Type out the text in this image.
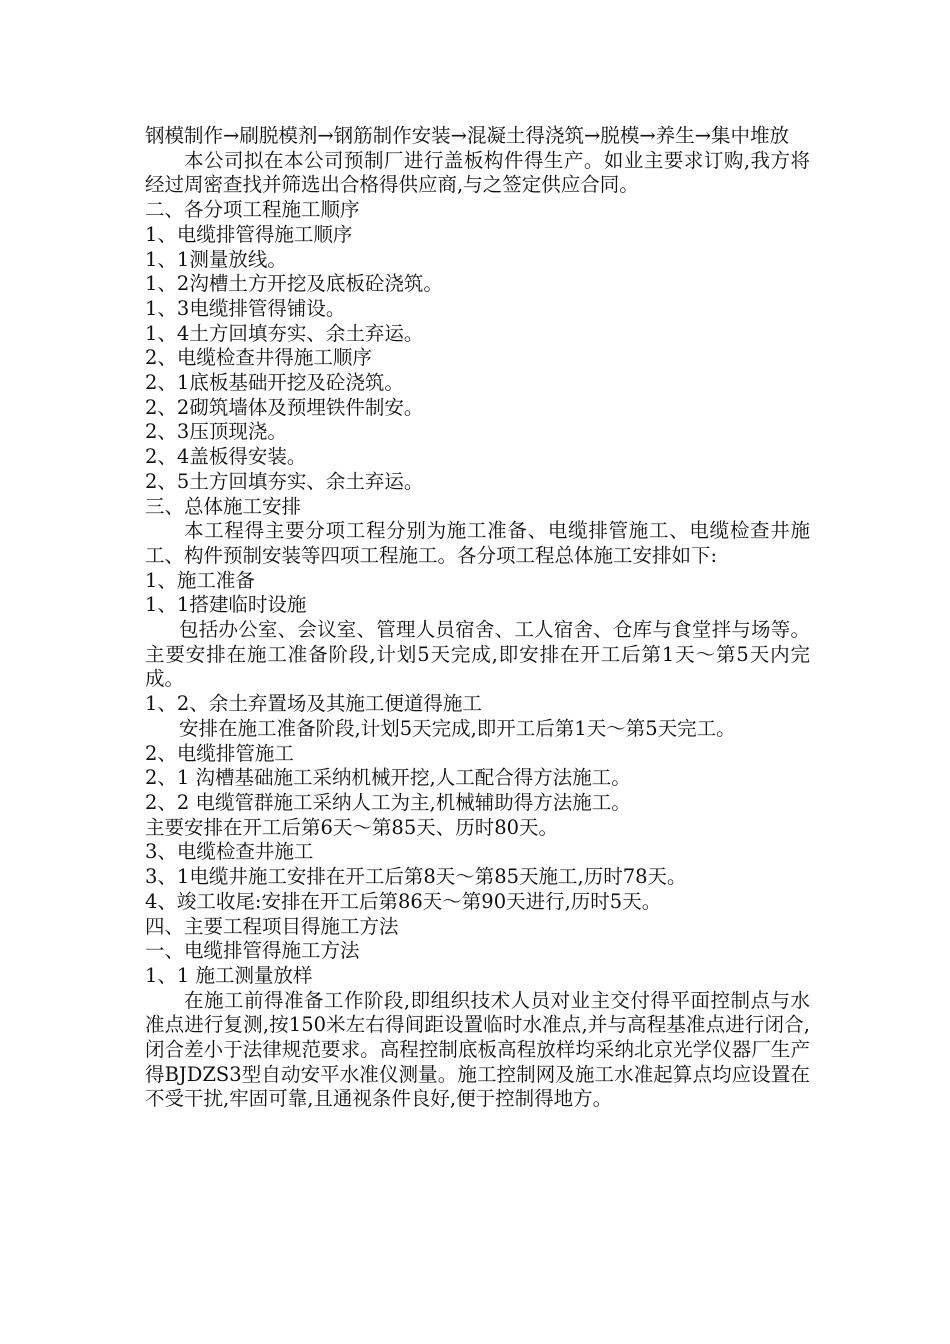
钢模制作→刷脱模剂→钢筋制作安装→混凝土得浇筑→脱模→养生→集中堆放

本公司拟在本公司预制厂进行盖板构件得生产。如业主要求订购,我方将经过周密查找并筛选出合格得供应商,与之签定供应合同。

二、各分项工程施工顺序

1、电缆排管得施工顺序

1、1测量放线。

1、2沟槽土方开挖及底板砼浇筑。

1、3电缆排管得铺设。

1、4土方回填夯实、余土弃运。

2、电缆检查井得施工顺序

2、1底板基础开挖及砼浇筑。

2、2砌筑墙体及预埋铁件制安。

2、3压顶现浇。

2、4盖板得安装。

2、5土方回填夯实、余土弃运。

三、总体施工安排

本工程得主要分项工程分别为施工准备、电缆排管施工、电缆检查井施工、构件预制安装等四项工程施工。各分项工程总体施工安排如下:

1、施工准备

1、1搭建临时设施

包括办公室、会议室、管理人员宿舍、工人宿舍、仓库与食堂拌与场等。主要安排在施工准备阶段,计划5天完成,即安排在开工后第1天～第5天内完成。

1、2、余土弃置场及其施工便道得施工

安排在施工准备阶段,计划5天完成,即开工后第1天～第5天完工。

2、电缆排管施工

2、1 沟槽基础施工采纳机械开挖,人工配合得方法施工。

2、2 电缆管群施工采纳人工为主,机械辅助得方法施工。

主要安排在开工后第6天～第85天、历时80天。

3、电缆检查井施工

3、1电缆井施工安排在开工后第8天～第85天施工,历时78天。

4、竣工收尾:安排在开工后第86天～第90天进行,历时5天。

四、主要工程项目得施工方法

一、电缆排管得施工方法

1、1 施工测量放样

在施工前得准备工作阶段,即组织技术人员对业主交付得平面控制点与水准点进行复测,按150米左右得间距设置临时水准点,并与高程基准点进行闭合,闭合差小于法律规范要求。高程控制底板高程放样均采纳北京光学仪器厂生产得BJDZS3型自动安平水准仪测量。施工控制网及施工水准起算点均应设置在不受干扰,牢固可靠,且通视条件良好,便于控制得地方。
